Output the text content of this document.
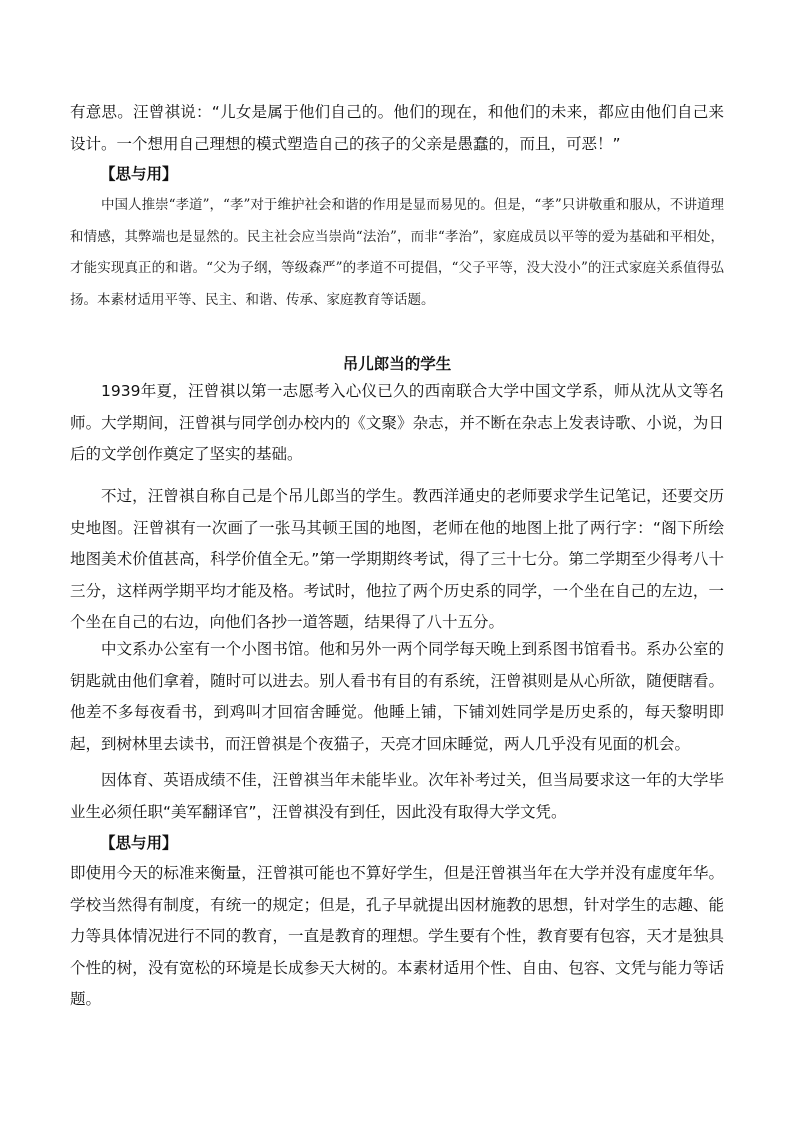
有意思。汪曾祺说：“儿女是属于他们自己的。他们的现在，和他们的未来，都应由他们自己来设计。一个想用自己理想的模式塑造自己的孩子的父亲是愚蠢的，而且，可恶！”

【思与用】

中国人推崇“孝道”，“孝”对于维护社会和谐的作用是显而易见的。但是，“孝”只讲敬重和服从，不讲道理和情感，其弊端也是显然的。民主社会应当崇尚“法治”，而非“孝治”，家庭成员以平等的爱为基础和平相处，才能实现真正的和谐。“父为子纲，等级森严”的孝道不可提倡，“父子平等，没大没小”的汪式家庭关系值得弘扬。本素材适用平等、民主、和谐、传承、家庭教育等话题。

吊儿郎当的学生

1939年夏，汪曾祺以第一志愿考入心仪已久的西南联合大学中国文学系，师从沈从文等名师。大学期间，汪曾祺与同学创办校内的《文聚》杂志，并不断在杂志上发表诗歌、小说，为日后的文学创作奠定了坚实的基础。

不过，汪曾祺自称自己是个吊儿郎当的学生。教西洋通史的老师要求学生记笔记，还要交历史地图。汪曾祺有一次画了一张马其顿王国的地图，老师在他的地图上批了两行字：“阁下所绘地图美术价值甚高，科学价值全无。”第一学期期终考试，得了三十七分。第二学期至少得考八十三分，这样两学期平均才能及格。考试时，他拉了两个历史系的同学，一个坐在自己的左边，一个坐在自己的右边，向他们各抄一道答题，结果得了八十五分。

中文系办公室有一个小图书馆。他和另外一两个同学每天晚上到系图书馆看书。系办公室的钥匙就由他们拿着，随时可以进去。别人看书有目的有系统，汪曾祺则是从心所欲，随便瞎看。他差不多每夜看书，到鸡叫才回宿舍睡觉。他睡上铺，下铺刘姓同学是历史系的，每天黎明即起，到树林里去读书，而汪曾祺是个夜猫子，天亮才回床睡觉，两人几乎没有见面的机会。

因体育、英语成绩不佳，汪曾祺当年未能毕业。次年补考过关，但当局要求这一年的大学毕业生必须任职“美军翻译官”，汪曾祺没有到任，因此没有取得大学文凭。

【思与用】

即使用今天的标准来衡量，汪曾祺可能也不算好学生，但是汪曾祺当年在大学并没有虚度年华。学校当然得有制度，有统一的规定；但是，孔子早就提出因材施教的思想，针对学生的志趣、能力等具体情况进行不同的教育，一直是教育的理想。学生要有个性，教育要有包容，天才是独具个性的树，没有宽松的环境是长成参天大树的。本素材适用个性、自由、包容、文凭与能力等话题。
